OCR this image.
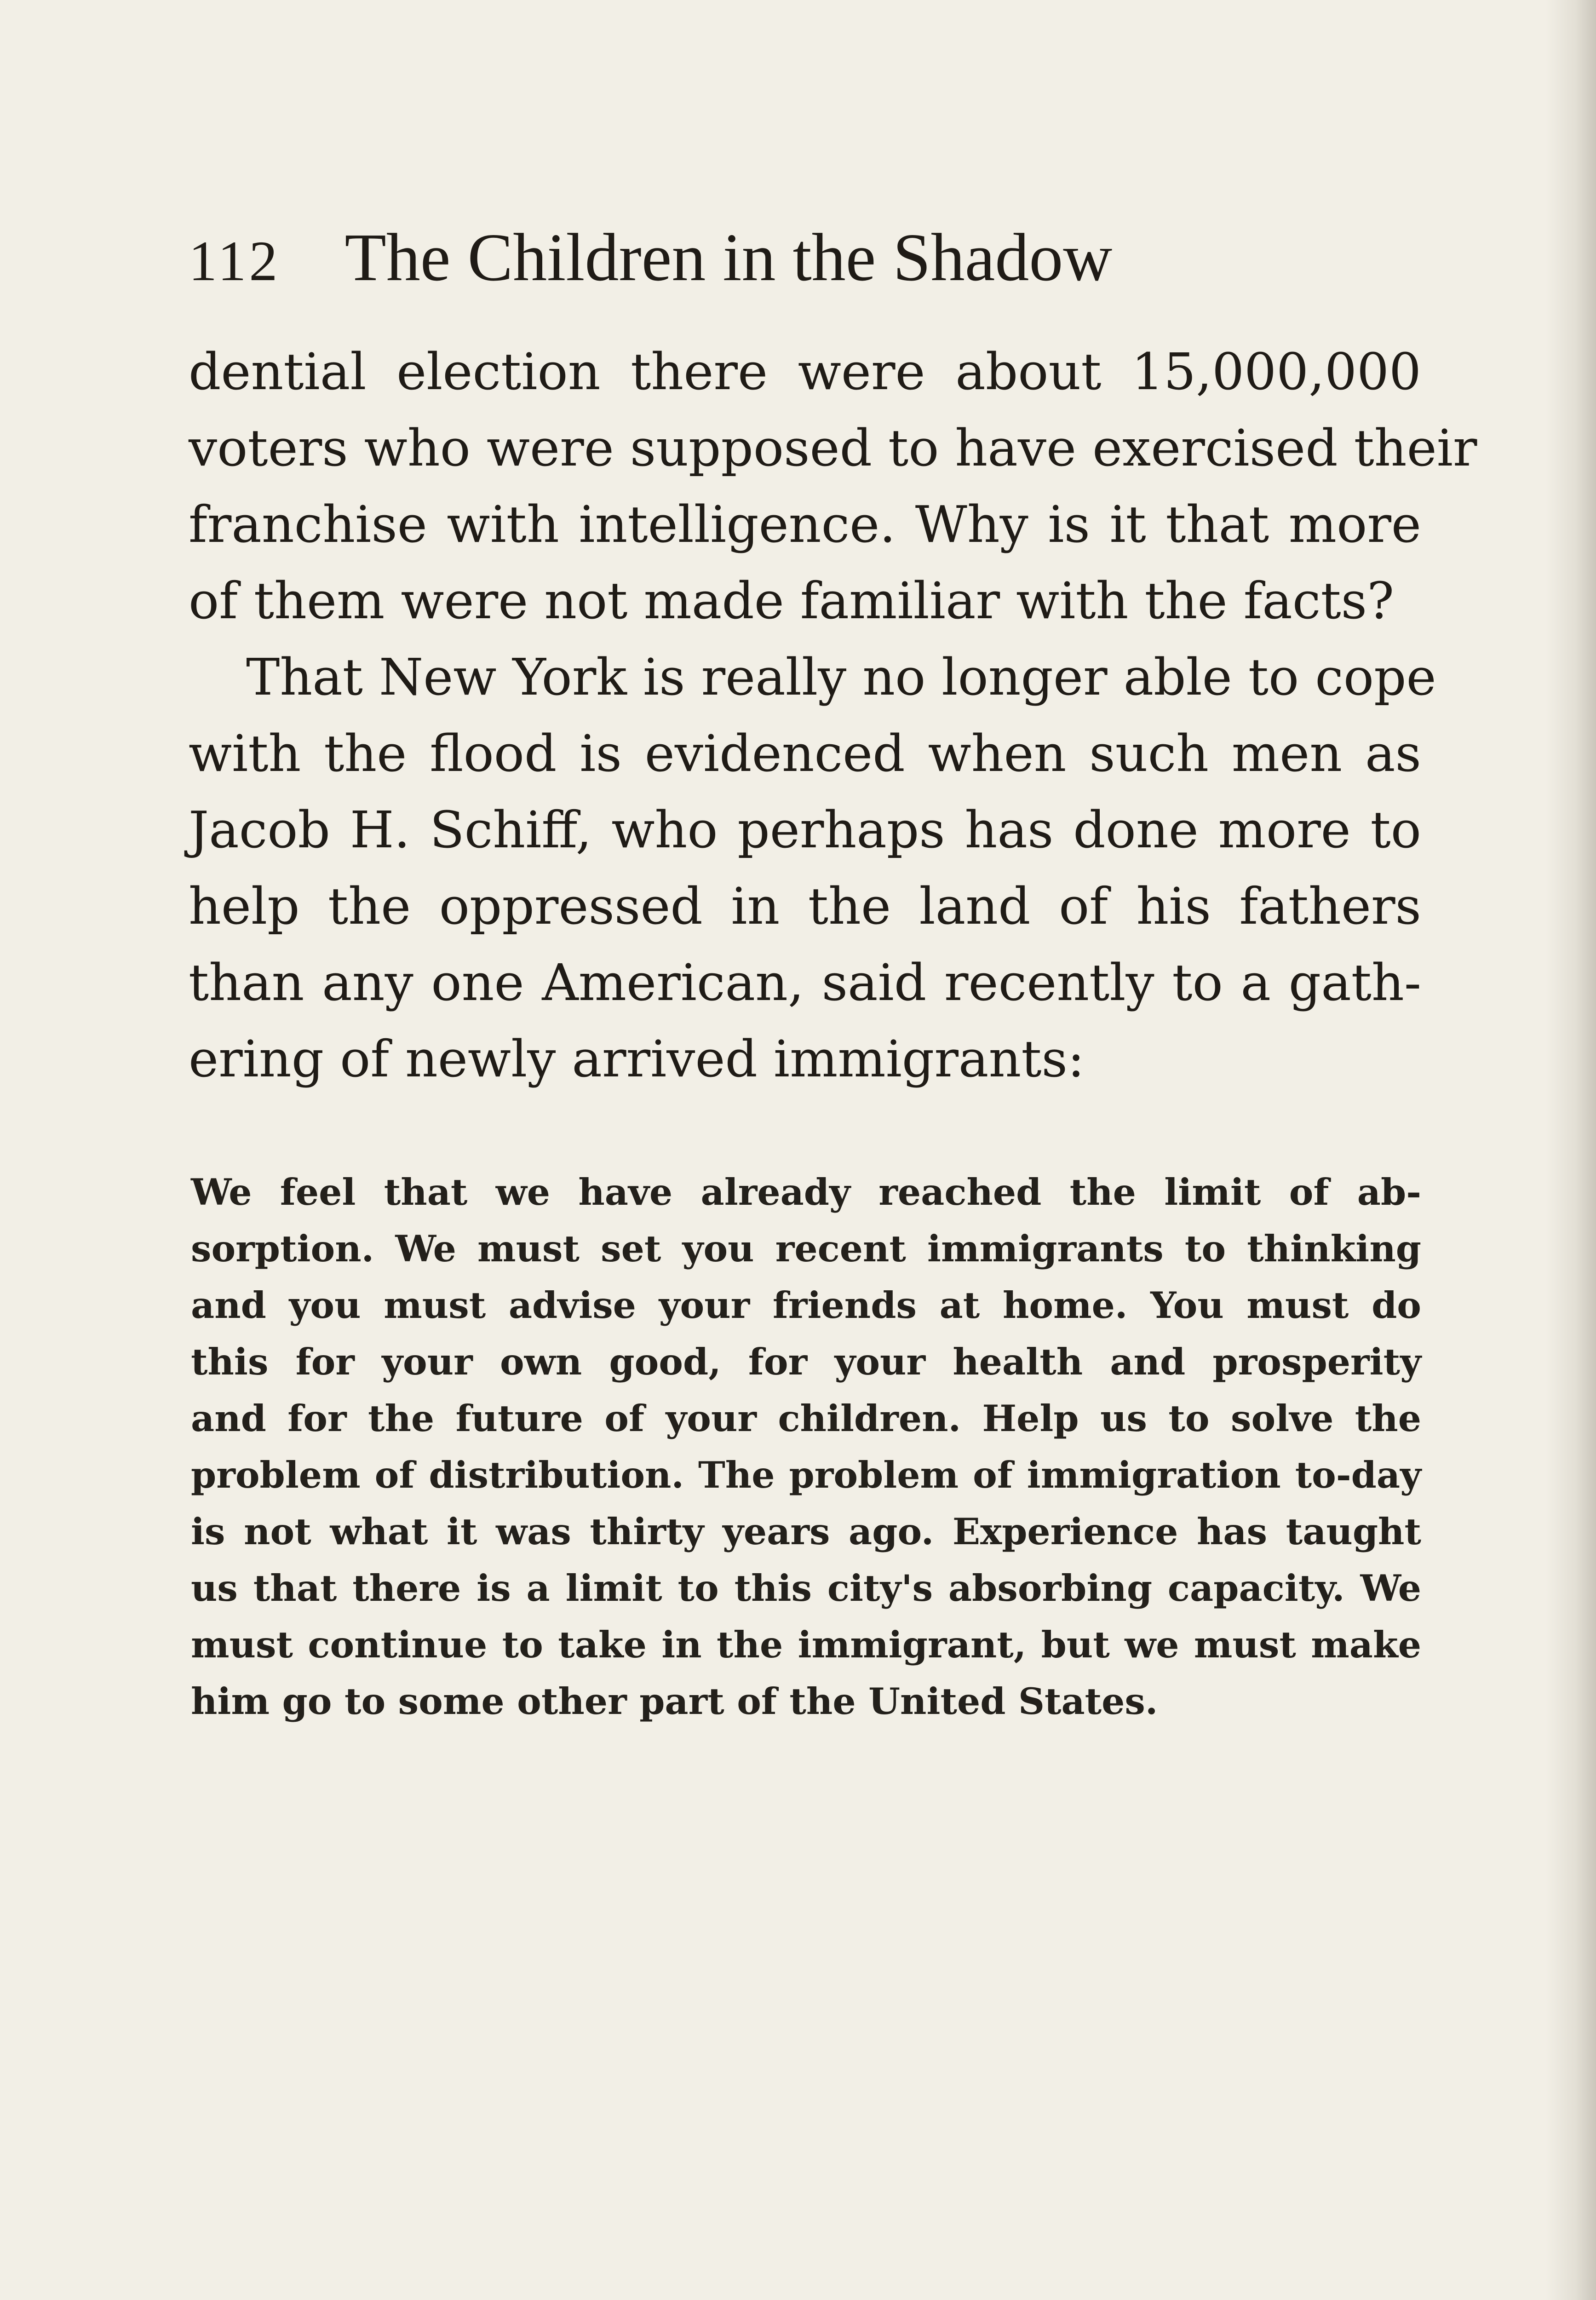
112 The Children in the Shadow

dential election there were about 15,000,000
voters who were supposed to have exercised their
franchise with intelligence. Why is it that more
of them were not made familiar with the facts?

That New York is really no longer able to cope
with the flood is evidenced when such men as
Jacob H. Schiff, who perhaps has done more to
help the oppressed in the land of his fathers
than any one American, said recently to a gath-
ering of newly arrived immigrants:

We feel that we have already reached the limit of ab-
sorption. We must set you recent immigrants to thinking
and you must advise your friends at home. You must do
this for your own good, for your health and prosperity
and for the future of your children. Help us to solve the
problem of distribution. The problem of immigration to-day
is not what it was thirty years ago. Experience has taught
us that there is a limit to this city's absorbing capacity. We
must continue to take in the immigrant, but we must make
him go to some other part of the United States.
